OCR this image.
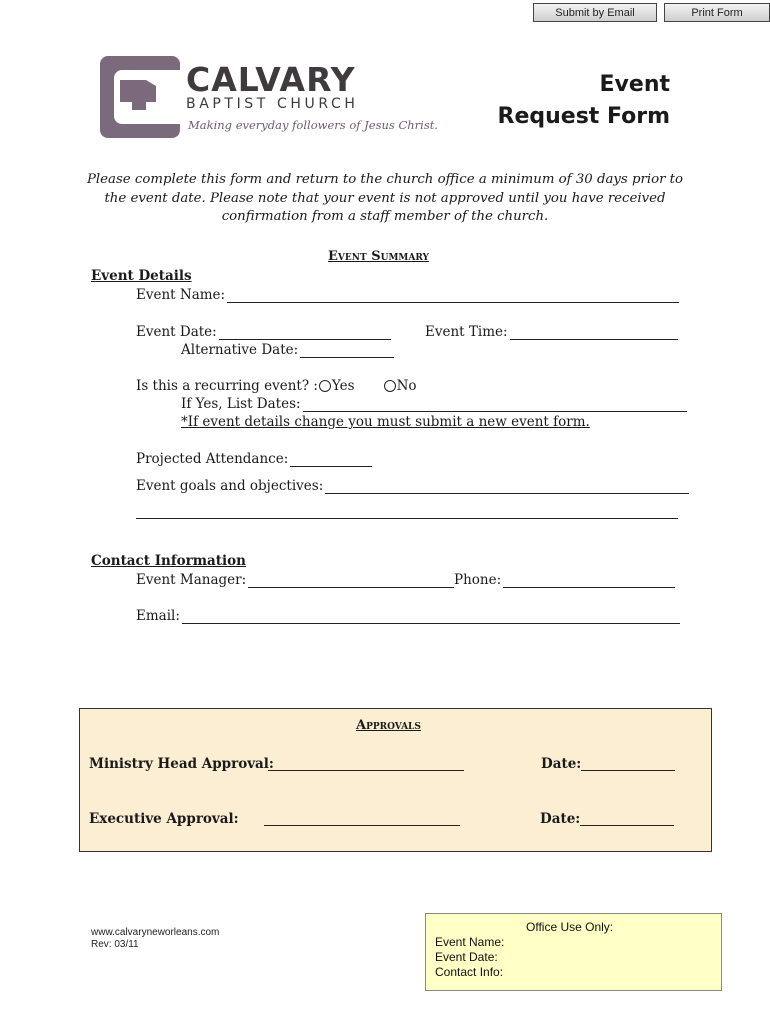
Submit by Email	Print Form
CALVARY
BAPTIST CHURCH
Making everyday followers of Jesus Christ.
Event
Request Form
Please complete this form and return to the church office a minimum of 30 days prior to the event date. Please note that your event is not approved until you have received confirmation from a staff member of the church.
Event Summary
Event Details
Event Name:
Event Date:	Event Time:
Alternative Date:
Is this a recurring event? : Yes	No
If Yes, List Dates:
*If event details change you must submit a new event form.
Projected Attendance:
Event goals and objectives:
Contact Information
Event Manager:	Phone:
Email:
Approvals
Ministry Head Approval:	Date:
Executive Approval:	Date:
www.calvaryneworleans.com
Rev: 03/11
Office Use Only:
Event Name:
Event Date:
Contact Info:
